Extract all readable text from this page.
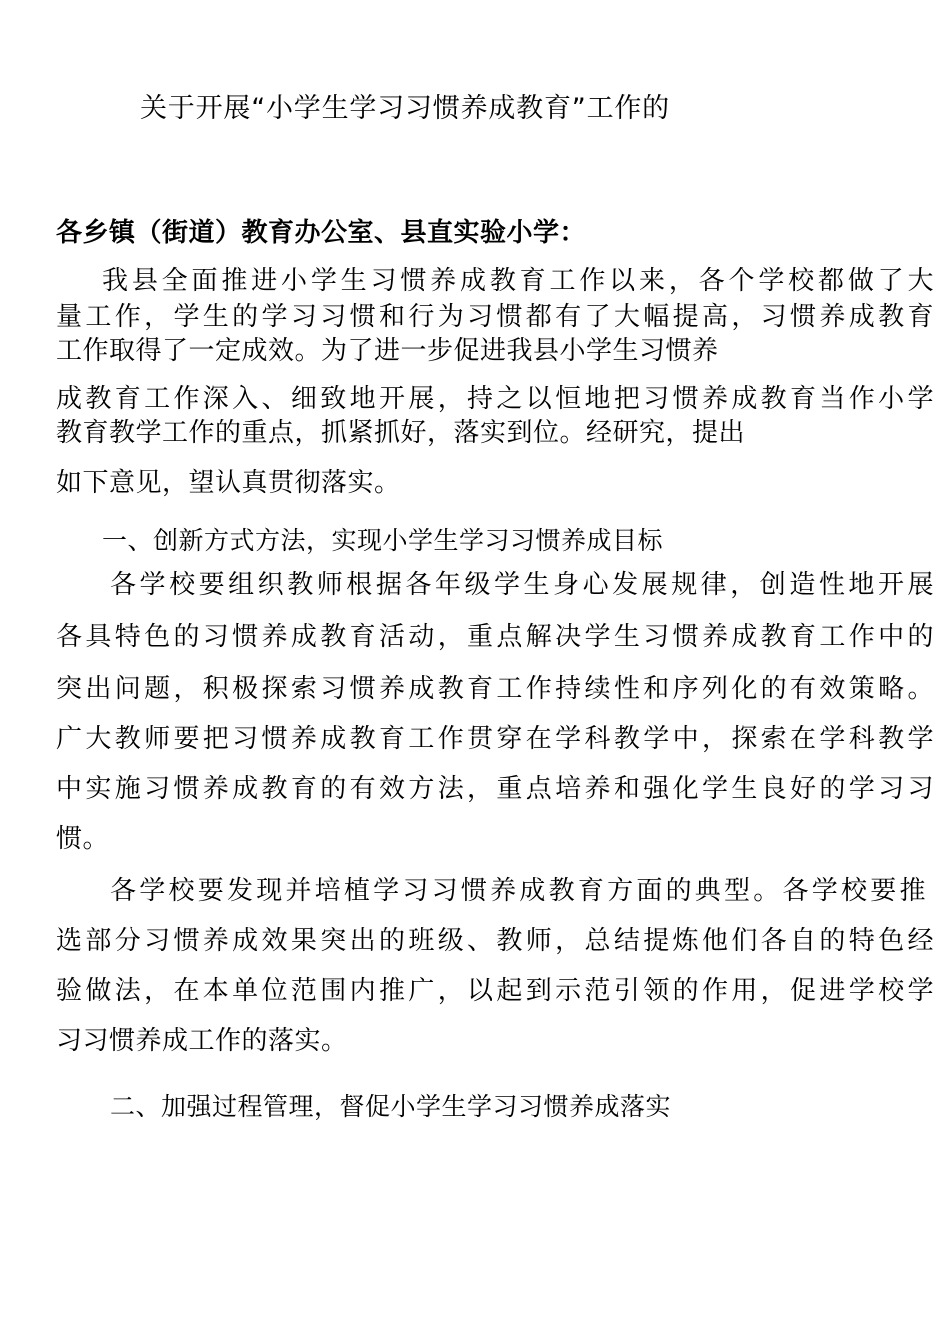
关于开展“小学生学习习惯养成教育”工作的
各乡镇（街道）教育办公室、县直实验小学：
我县全面推进小学生习惯养成教育工作以来，各个学校都做了大
量工作，学生的学习习惯和行为习惯都有了大幅提高，习惯养成教育
工作取得了一定成效。为了进一步促进我县小学生习惯养
成教育工作深入、细致地开展，持之以恒地把习惯养成教育当作小学
教育教学工作的重点，抓紧抓好，落实到位。经研究，提出
如下意见，望认真贯彻落实。
一、创新方式方法，实现小学生学习习惯养成目标
各学校要组织教师根据各年级学生身心发展规律，创造性地开展
各具特色的习惯养成教育活动，重点解决学生习惯养成教育工作中的
突出问题，积极探索习惯养成教育工作持续性和序列化的有效策略。
广大教师要把习惯养成教育工作贯穿在学科教学中，探索在学科教学
中实施习惯养成教育的有效方法，重点培养和强化学生良好的学习习
惯。
各学校要发现并培植学习习惯养成教育方面的典型。各学校要推
选部分习惯养成效果突出的班级、教师，总结提炼他们各自的特色经
验做法，在本单位范围内推广，以起到示范引领的作用，促进学校学
习习惯养成工作的落实。
二、加强过程管理，督促小学生学习习惯养成落实
